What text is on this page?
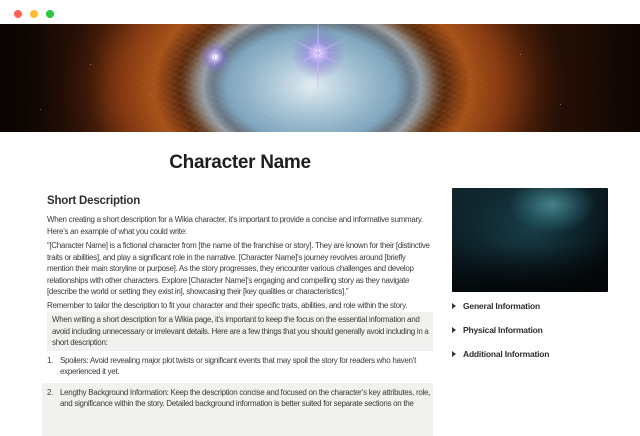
Character Name
Short Description

When creating a short description for a Wikia character, it’s important to provide a concise and informative summary. Here’s an example of what you could write:

“[Character Name] is a fictional character from [the name of the franchise or story]. They are known for their [distinctive traits or abilities], and play a significant role in the narrative. [Character Name]’s journey revolves around [briefly mention their main storyline or purpose]. As the story progresses, they encounter various challenges and develop relationships with other characters. Explore [Character Name]’s engaging and compelling story as they navigate [describe the world or setting they exist in], showcasing their [key qualities or characteristics].”

Remember to tailor the description to fit your character and their specific traits, abilities, and role within the story.

When writing a short description for a Wikia page, it’s important to keep the focus on the essential information and avoid including unnecessary or irrelevant details. Here are a few things that you should generally avoid including in a short description:

1. Spoilers: Avoid revealing major plot twists or significant events that may spoil the story for readers who haven’t experienced it yet.
2. Lengthy Background Information: Keep the description concise and focused on the character’s key attributes, role, and significance within the story. Detailed background information is better suited for separate sections on the
General Information
Physical Information
Additional Information
